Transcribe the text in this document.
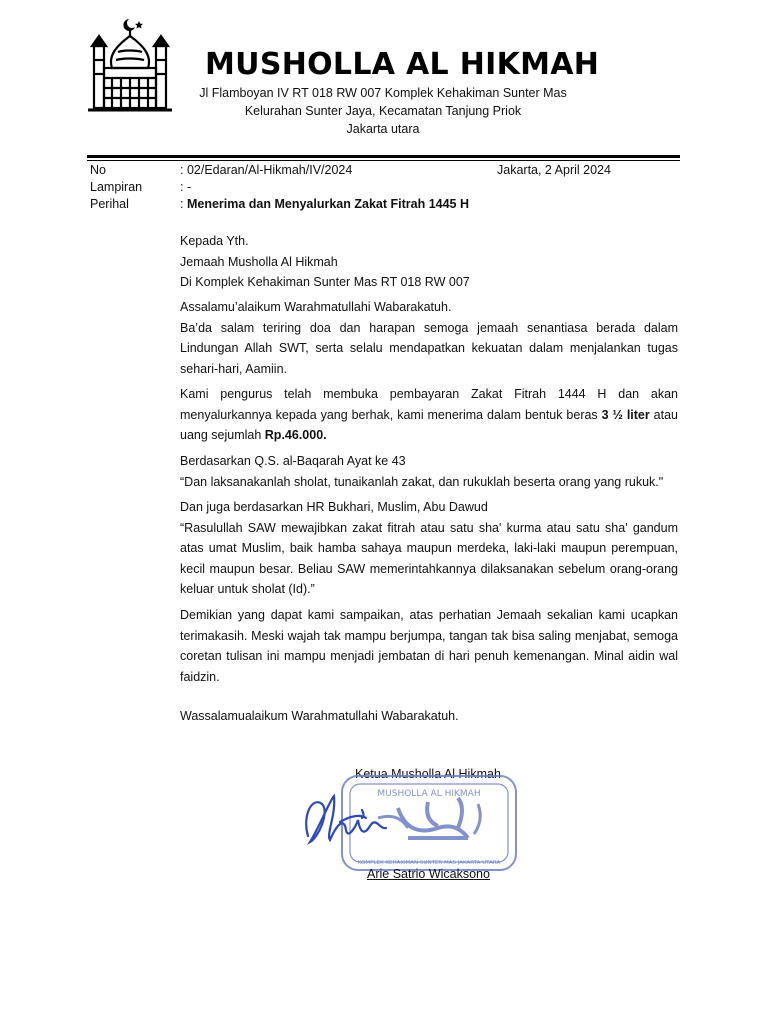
MUSHOLLA AL HIKMAH
Jl Flamboyan IV RT 018 RW 007 Komplek Kehakiman Sunter Mas
Kelurahan Sunter Jaya, Kecamatan Tanjung Priok
Jakarta utara
No	: 02/Edaran/Al-Hikmah/IV/2024	Jakarta, 2 April 2024
Lampiran	: -
Perihal	: Menerima dan Menyalurkan Zakat Fitrah 1445 H
Kepada Yth.
Jemaah Musholla Al Hikmah
Di Komplek Kehakiman Sunter Mas RT 018 RW 007
Assalamu’alaikum Warahmatullahi Wabarakatuh.
Ba’da salam teriring doa dan harapan semoga jemaah senantiasa berada dalam
Lindungan Allah SWT, serta selalu mendapatkan kekuatan dalam menjalankan tugas
sehari-hari, Aamiin.
Kami pengurus telah membuka pembayaran Zakat Fitrah 1444 H dan akan
menyalurkannya kepada yang berhak, kami menerima dalam bentuk beras 3 ½ liter atau
uang sejumlah Rp.46.000.
Berdasarkan Q.S. al-Baqarah Ayat ke 43
“Dan laksanakanlah sholat, tunaikanlah zakat, dan rukuklah beserta orang yang rukuk."
Dan juga berdasarkan HR Bukhari, Muslim, Abu Dawud
“Rasulullah SAW mewajibkan zakat fitrah atau satu sha' kurma atau satu sha' gandum
atas umat Muslim, baik hamba sahaya maupun merdeka, laki-laki maupun perempuan,
kecil maupun besar. Beliau SAW memerintahkannya dilaksanakan sebelum orang-orang
keluar untuk sholat (Id).”
Demikian yang dapat kami sampaikan, atas perhatian Jemaah sekalian kami ucapkan
terimakasih. Meski wajah tak mampu berjumpa, tangan tak bisa saling menjabat, semoga
coretan tulisan ini mampu menjadi jembatan di hari penuh kemenangan. Minal aidin wal
faidzin.
Wassalamualaikum Warahmatullahi Wabarakatuh.
Ketua Musholla Al Hikmah
MUSHOLLA AL HIKMAH
KOMPLEK KEHAKIMAN SUNTER MAS JAKARTA UTARA
Arie Satrio Wicaksono
